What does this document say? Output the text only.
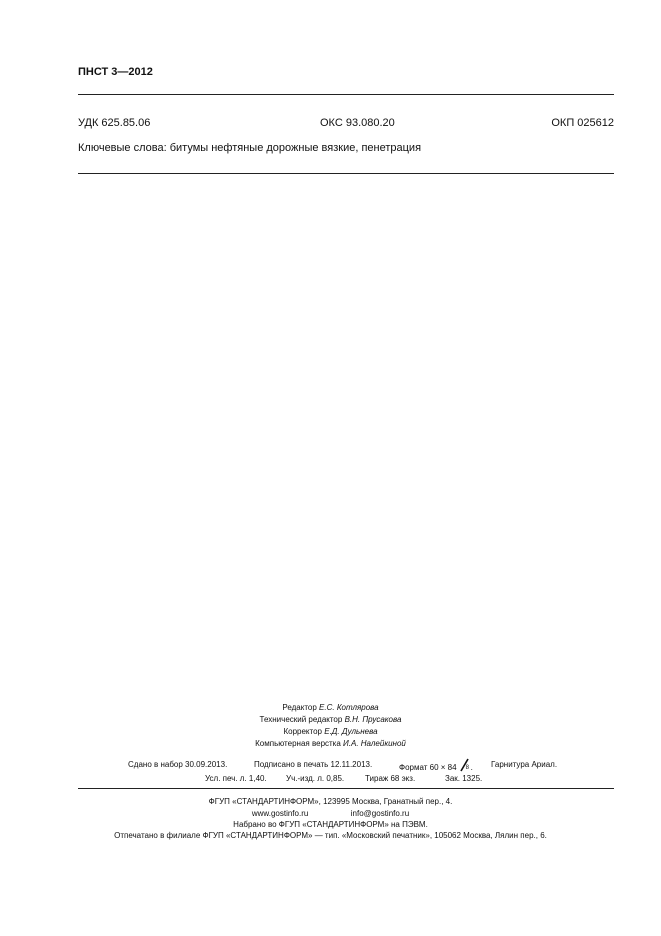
ПНСТ 3—2012
УДК 625.85.06	ОКС 93.080.20	ОКП 025612
Ключевые слова: битумы нефтяные дорожные вязкие, пенетрация
Редактор Е.С. Котлярова
Технический редактор В.Н. Прусакова
Корректор Е.Д. Дульнева
Компьютерная верстка И.А. Налейкиной
Сдано в набор 30.09.2013.	Подписано в печать 12.11.2013.	Формат 60 × 84 8 . Гарнитура Ариал.
Усл. печ. л. 1,40. Уч.-изд. л. 0,85.	Тираж 68 экз.	Зак. 1325.
ФГУП «СТАНДАРТИНФОРМ», 123995 Москва, Гранатный пер., 4.
www.gostinfo.ru	info@gostinfo.ru
Набрано во ФГУП «СТАНДАРТИНФОРМ» на ПЭВМ.
Отпечатано в филиале ФГУП «СТАНДАРТИНФОРМ» — тип. «Московский печатник», 105062 Москва, Лялин пер., 6.
